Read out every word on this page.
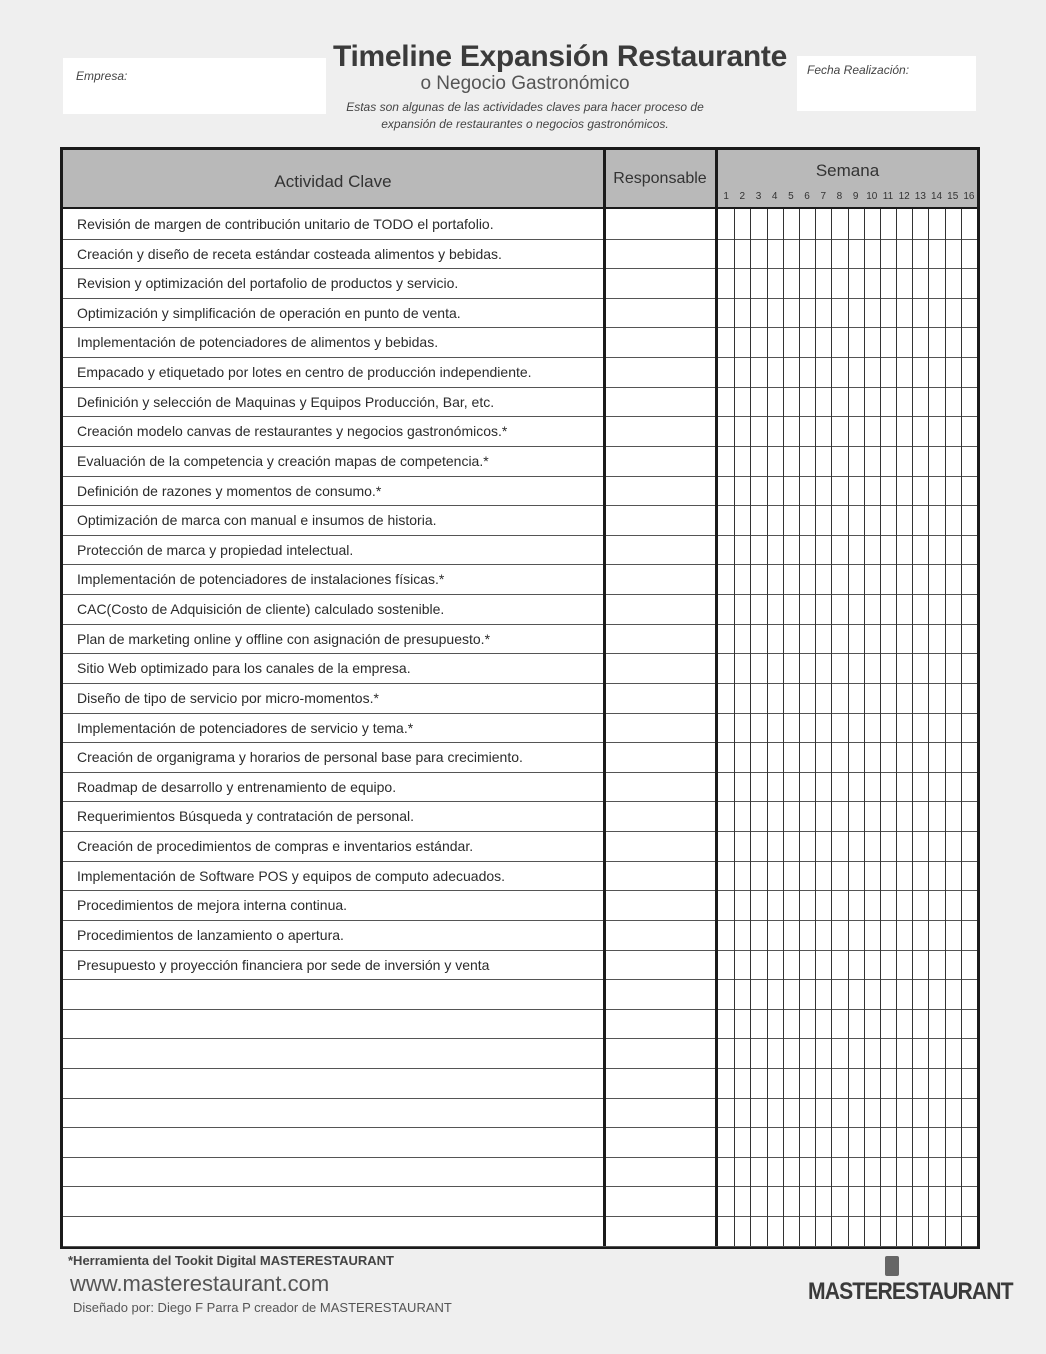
Empresa:	Fecha Realización:
Timeline Expansión Restaurante
o Negocio Gastronómico
Estas son algunas de las actividades claves para hacer proceso de expansión de restaurantes o negocios gastronómicos.
Actividad Clave	Responsable	Semana
1	2	3	4	5	6	7	8	9 10 11 12 13 14 15 16
Revisión de margen de contribución unitario de TODO el portafolio.
Creación y diseño de receta estándar costeada alimentos y bebidas.
Revision y optimización del portafolio de productos y servicio.
Optimización y simplificación de operación en punto de venta.
Implementación de potenciadores de alimentos y bebidas.
Empacado y etiquetado por lotes en centro de producción independiente.
Definición y selección de Maquinas y Equipos Producción, Bar, etc.
Creación modelo canvas de restaurantes y negocios gastronómicos.*
Evaluación de la competencia y creación mapas de competencia.*
Definición de razones y momentos de consumo.*
Optimización de marca con manual e insumos de historia.
Protección de marca y propiedad intelectual.
Implementación de potenciadores de instalaciones físicas.*
CAC(Costo de Adquisición de cliente) calculado sostenible.
Plan de marketing online y offline con asignación de presupuesto.*
Sitio Web optimizado para los canales de la empresa.
Diseño de tipo de servicio por micro-momentos.*
Implementación de potenciadores de servicio y tema.*
Creación de organigrama y horarios de personal base para crecimiento.
Roadmap de desarrollo y entrenamiento de equipo.
Requerimientos Búsqueda y contratación de personal.
Creación de procedimientos de compras e inventarios estándar.
Implementación de Software POS y equipos de computo adecuados.
Procedimientos de mejora interna continua.
Procedimientos de lanzamiento o apertura.
Presupuesto y proyección financiera por sede de inversión y venta
*Herramienta del Tookit Digital MASTERESTAURANT
www.masterestaurant.com
Diseñado por: Diego F Parra P creador de MASTERESTAURANT
MASTERESTAURANT
